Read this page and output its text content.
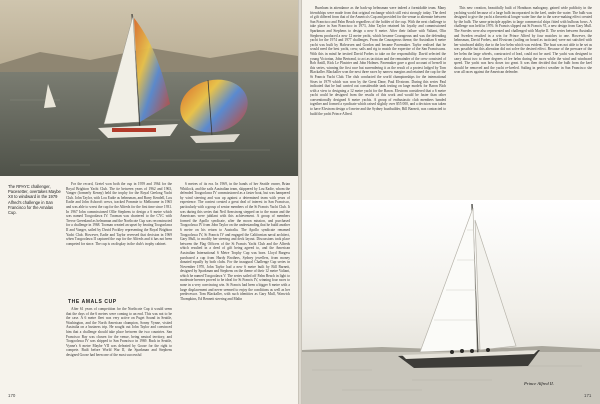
The RPAYC challenger, Pacesetter, overtakes Maybe XII to windward in the 1979 Alfred's challenge in San Francisco for the Amalas Cup.

For the record, Gretel won both the cup in 1959 and 1964 for the Royal Brighton Yacht Club. The tie between years of 1962 and 1963, Vanger (formerly Kenny) held the trophy for the Royal Geelong Yacht Club. John Taylor, with Lou Eadie as helmsman, and Barry Kendell, Lou Eadie and John Ashcroft crews, tracked Pommie to Melbourne in 1965 and was able to wrest the cup for the Alfreds for the first time since 1931. In 1967 Iohn commissioned Ollie Stephens to design a 6 metre which was named Toogoolawa IV. Tooman was chartered to the CYC with Trevor Greenland as helmsman and the Northcote Cup was reconstructed for a challenge in 1968. Tooman created an upset by beating Toogoolawa II and Vanger, sailed by David Pockley representing the Royal Brighton Yacht Club. However, Eadie and Taylor reversed that decision in 1969 when Toogoolawa II captured the cup for the Alfreds and it has not been competed for since. The cup is on display in the club's trophy cabinet.

THE AMALS CUP

After 61 years of competition for the Northcote Cup it would seem that the days of the 6 metres were coming to an end. This was not to be the case. A 6 metre fleet was very active on Puget Sound in Seattle, Washington, and the North American champion, Sonny Vynne, visited Australia on a business trip. He sought out John Taylor and convinced him that a challenge should take place between the two countries. San Francisco Bay was chosen for the venue, being neutral territory, and Toogoolawa IV was shipped to San Francisco in 1969. Back in Seattle, Vynne's 6 metre Maybe VII was defeated by Goose for the right to compete. Built before World War II, the Sparkman and Stephens designed Goose had been one of the most successful

6 metres of its era. In 1969, in the hands of her Seattle owner, Brian Whitlock, and the sails Australian team, skippered by Lou Eadie, whom the defended Toogoolawa IV commissioned as a faster boat, but was hampered by wind steering and was up against a determined team with years of experience. The contest created a great deal of interest in San Francisco, particularly with a group of senior members of the St Francis Yacht Club. It was during this series that Neil Armstrong stepped on to the moon and the Americans were jubilant with this achievement. A group of members formed the Apollo syndicate, after the moon mission, and purchased Toogoolawa IV from John Taylor on the understanding that he build another 6 metre on his return to Australia. The Apollo syndicate renamed Toogoolawa IV, St Francis IV and engaged the Californian naval architect, Gary Mull, to modify her steering and deck layout. Discussions took place between the Flag Officers of the St Francis Yacht Club and the Alfreds which resulted in a deed of gift being agreed to, and the American Australian International 6 Metre Trophy Cup was born. Lloyd Burgess purchased a cup from Hardy Brothers, Sydney jewellers, from money donated equally by both clubs. For the inaugural Challenge Cup series in November 1970, John Taylor had a new 6 metre built by Bill Barnett, designed by Sparkman and Stephens on the theme of their 12 metre Valiant, which he named Toogoolawa V. The series sailed off Palm Beach in light to moderate breezes proved to be ideal for St Francis IV, winning four races to none in a very convincing win. St Francis had been a bigger 6 metre with a large displacement and never seemed to enjoy the conditions as well as her predecessor. Tom Blackaller, with such identities as Gary Mull, Warwick Thompkins, Ed Bennett steering and Malin

170

Burnham in attendance as the back-up helmsman were indeed a formidable team. Many friendships were made from that original exchange which still exist strongly today. The deed of gift differed from that of the America's Cup and provided for the venue to alternate between San Francisco and Palm Beach regardless of the holder of the cup. With the next challenge to take place in San Francisco in 1973, John Taylor retained his loyalty and commissioned Sparkman and Stephens to design a new 6 metre. After their failure with Valiant, Olin Stephens produced a new 12 metre yacht, which became Courageous and was the defending yacht for the 1974 and 1977 challenges. From the Courageous theme, the Australian 6 metre yacht was built by Halvorsen and Gordon and became Pacemaker. Taylor realised that he would need the best yacht, crew, sails and rig to match the expertise of the San Franciscans. With this in mind he invited David Forbes to take on the responsibility. David selected the young Victorian, John Bertrand, to act as tactician and the remainder of the crew consisted of Rob Antill, Rick Le Plastrier and John Holmes. Pacemaker gave a good account of herself in this series, winning the first race but surrendering it as the result of a protest lodged by Tom Blackaller. Blackaller won the next three races by narrow margins and retained the cup for the St Francis Yacht Club. The club conducted the world championships for the international Sixes in 1979 which was won by the Great Dane, Paul Elvstrom. During this series Paul indicated that he had carried out considerable tank testing on large models for Baron Bich with a view to designing a 12 metre yacht for the Baron. Elvstrom considered that a 6 metre yacht could be designed from the results of this work and would be faster than other conventionally designed 6 metre yachts. A group of enthusiastic club members banded together and formed a syndicate which raised slightly over $55 000, and a decision was taken to have Elvstrom design a 6 metre and the Sydney boatbuilder, Bill Barnett, was contracted to build the yacht Prince Alfred.

This new creation, beautifully built of Honduras mahogany, gained wide publicity in the yachting world because of a large bulb incorporated in the keel, under the water. The bulb was designed to give the yacht a theoretical longer water line due to the wave-making effect created by the bulb. The same principle applies to large commercial ships fitted with bulbous bows. A challenge was held in 1976. St Francis slipped out St Francis VI, a new design from Gary Mull. The Swedes were also represented and challenged with Maybe II. The series between Australia and Sweden resulted in a win for Prince Alfred by four matches to one. However, the helmsman, David Forbes, and Elvstrom (sailing on board as tactician) were not satisfied with her windward ability due to the low helm which was evident. The boat was not able to be set as was possible but this alteration did not solve the desired effect. Because of the pressure of the lee helm the large wheels, constructed of lead, could not be used. The yacht was designed to carry about two to three degrees of lee helm during the races while the wind and windward speed. The yacht was bow down too great. It was then decided that the bulb from the keel should be removed and the yacht re-keeled. Sailing in perfect weather in San Francisco she won all races against the American defender.

Prince Alfred II.
171
